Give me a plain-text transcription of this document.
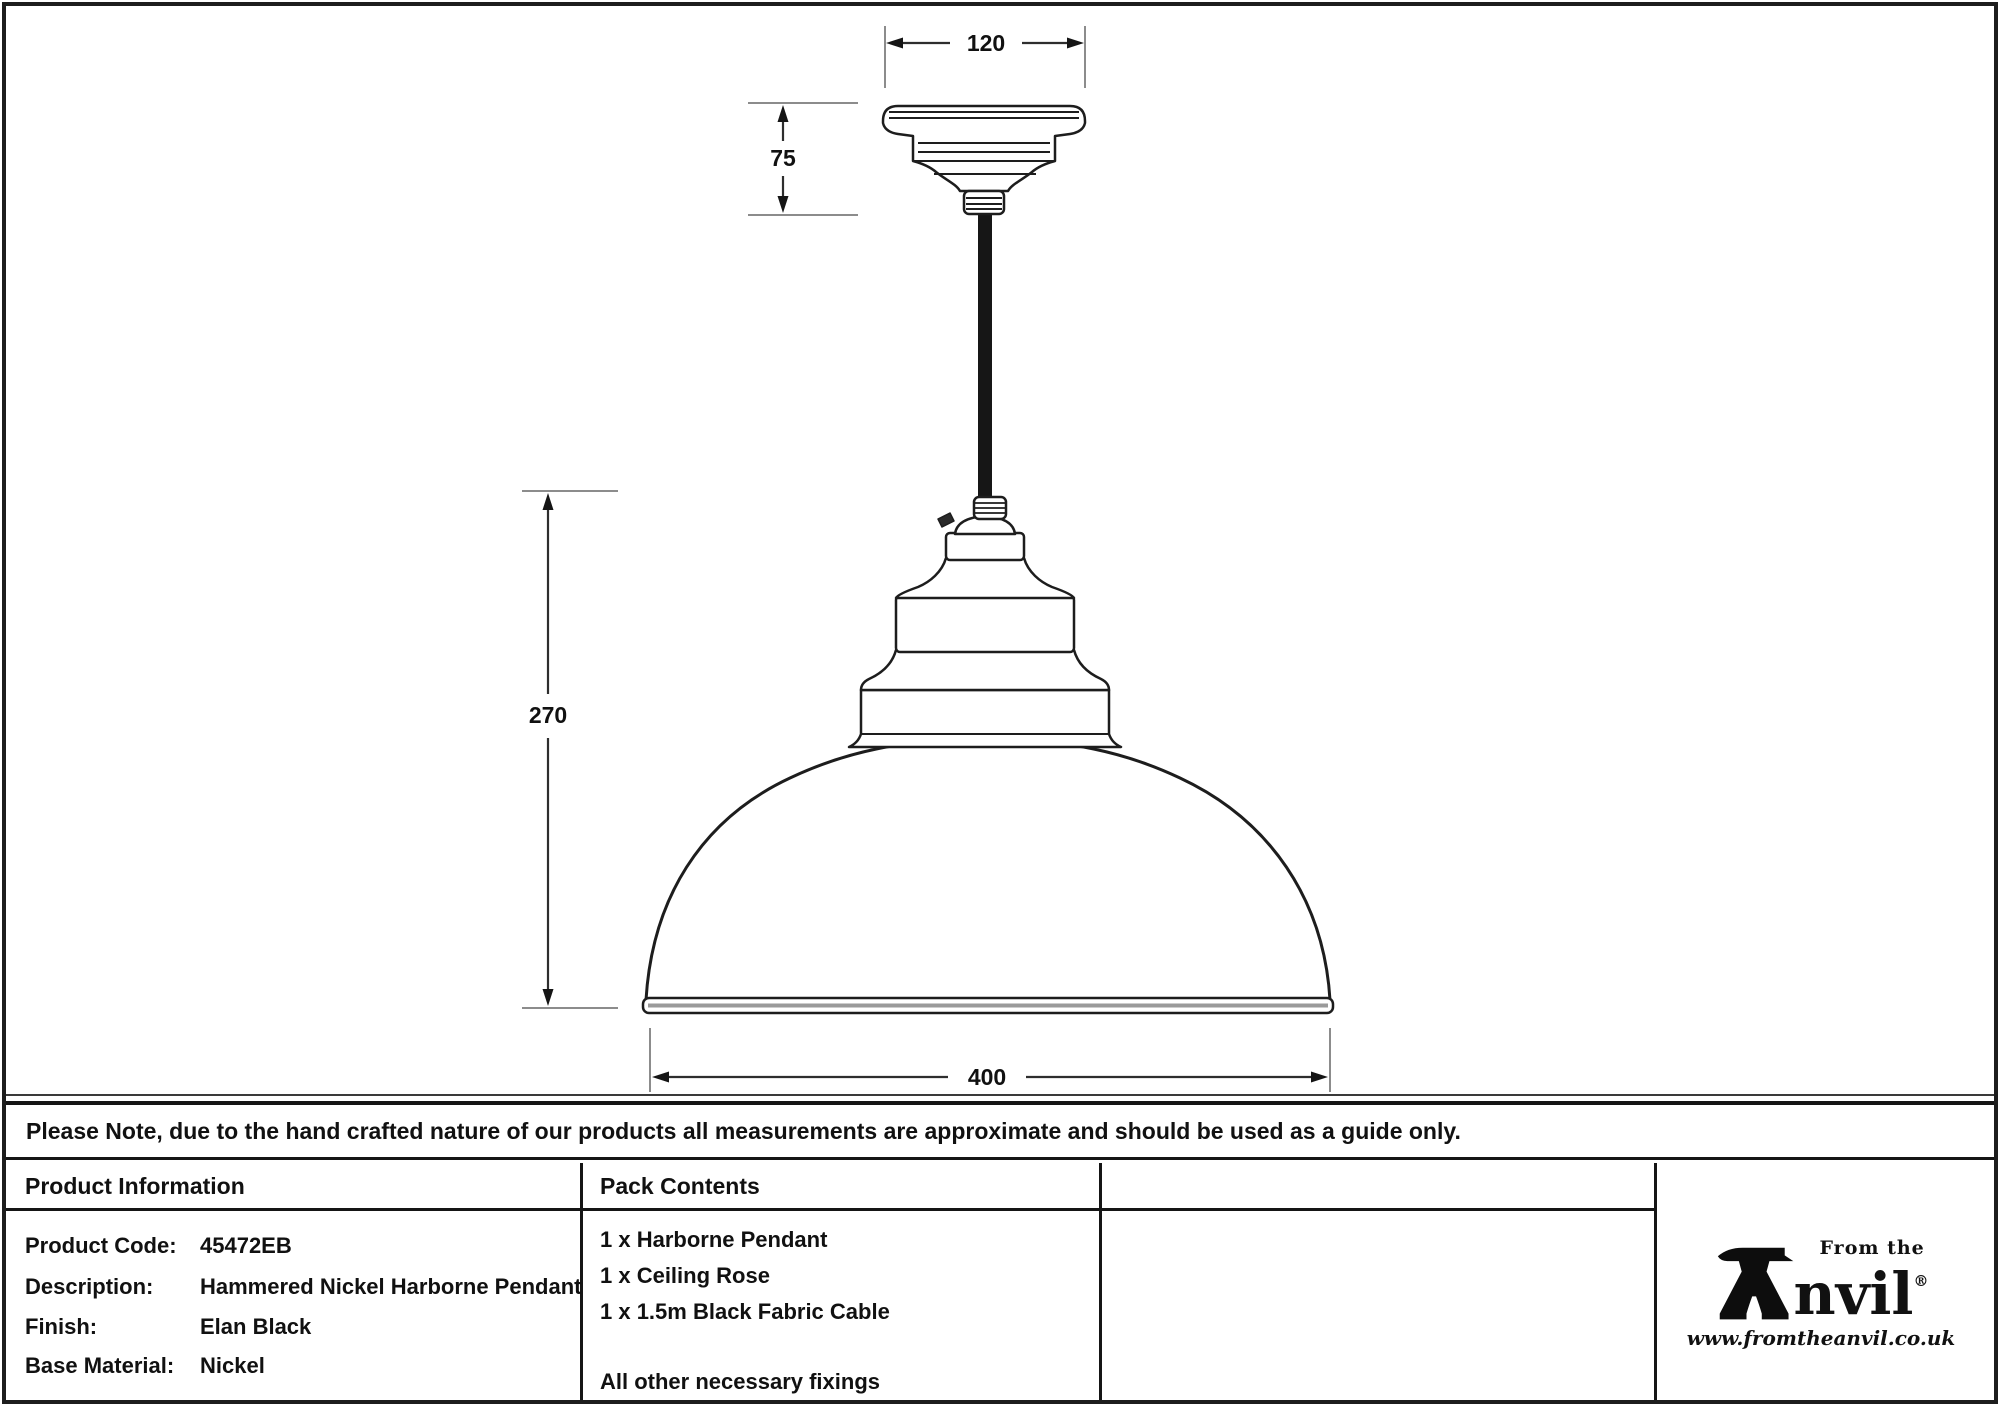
120
75
270
400
Please Note, due to the hand crafted nature of our products all measurements are approximate and should be used as a guide only.
Product Information
Product Code: 45472EB
Description: Hammered Nickel Harborne Pendant
Finish:	Elan Black
Base Material: Nickel
Pack Contents
1 x Harborne Pendant
1 x Ceiling Rose
1 x 1.5m Black Fabric Cable
All other necessary fixings
From the
nvil®
www.fromtheanvil.co.uk
